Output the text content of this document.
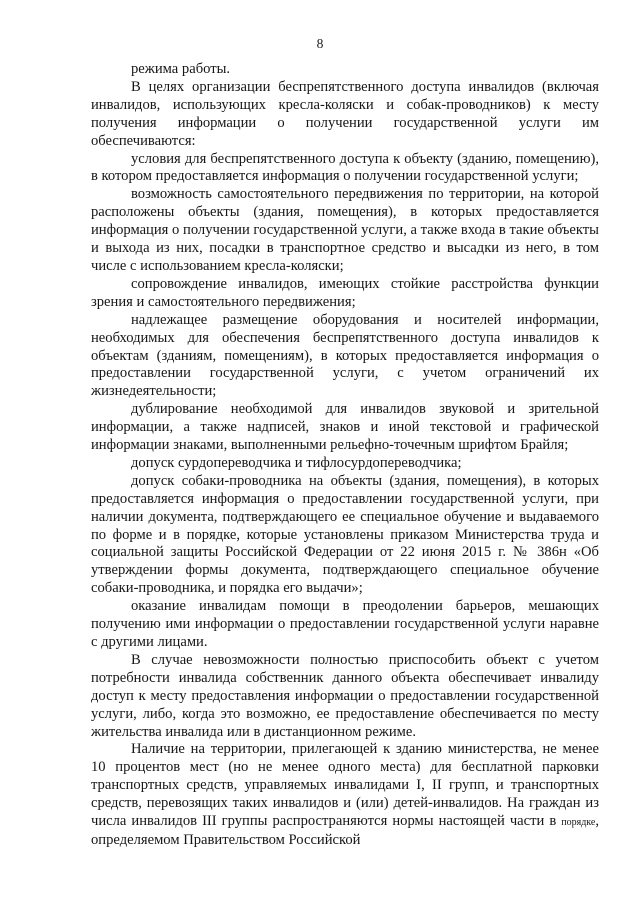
8

режима работы.

В целях организации беспрепятственного доступа инвалидов (включая инвалидов, использующих кресла-коляски и собак-проводников) к месту получения информации о получении государственной услуги им обеспечиваются:

условия для беспрепятственного доступа к объекту (зданию, помещению), в котором предоставляется информация о получении государственной услуги;

возможность самостоятельного передвижения по территории, на которой расположены объекты (здания, помещения), в которых предоставляется информация о получении государственной услуги, а также входа в такие объекты и выхода из них, посадки в транспортное средство и высадки из него, в том числе с использованием кресла-коляски;

сопровождение инвалидов, имеющих стойкие расстройства функции зрения и самостоятельного передвижения;

надлежащее размещение оборудования и носителей информации, необходимых для обеспечения беспрепятственного доступа инвалидов к объектам (зданиям, помещениям), в которых предоставляется информация о предоставлении государственной услуги, с учетом ограничений их жизнедеятельности;

дублирование необходимой для инвалидов звуковой и зрительной информации, а также надписей, знаков и иной текстовой и графической информации знаками, выполненными рельефно-точечным шрифтом Брайля;

допуск сурдопереводчика и тифлосурдопереводчика;

допуск собаки-проводника на объекты (здания, помещения), в которых предоставляется информация о предоставлении государственной услуги, при наличии документа, подтверждающего ее специальное обучение и выдаваемого по форме и в порядке, которые установлены приказом Министерства труда и социальной защиты Российской Федерации от 22 июня 2015 г. № 386н «Об утверждении формы документа, подтверждающего специальное обучение собаки-проводника, и порядка его выдачи»;

оказание инвалидам помощи в преодолении барьеров, мешающих получению ими информации о предоставлении государственной услуги наравне с другими лицами.

В случае невозможности полностью приспособить объект с учетом потребности инвалида собственник данного объекта обеспечивает инвалиду доступ к месту предоставления информации о предоставлении государственной услуги, либо, когда это возможно, ее предоставление обеспечивается по месту жительства инвалида или в дистанционном режиме.

Наличие на территории, прилегающей к зданию министерства, не менее 10 процентов мест (но не менее одного места) для бесплатной парковки транспортных средств, управляемых инвалидами I, II групп, и транспортных средств, перевозящих таких инвалидов и (или) детей-инвалидов. На граждан из числа инвалидов III группы распространяются нормы настоящей части в порядке, определяемом Правительством Российской
